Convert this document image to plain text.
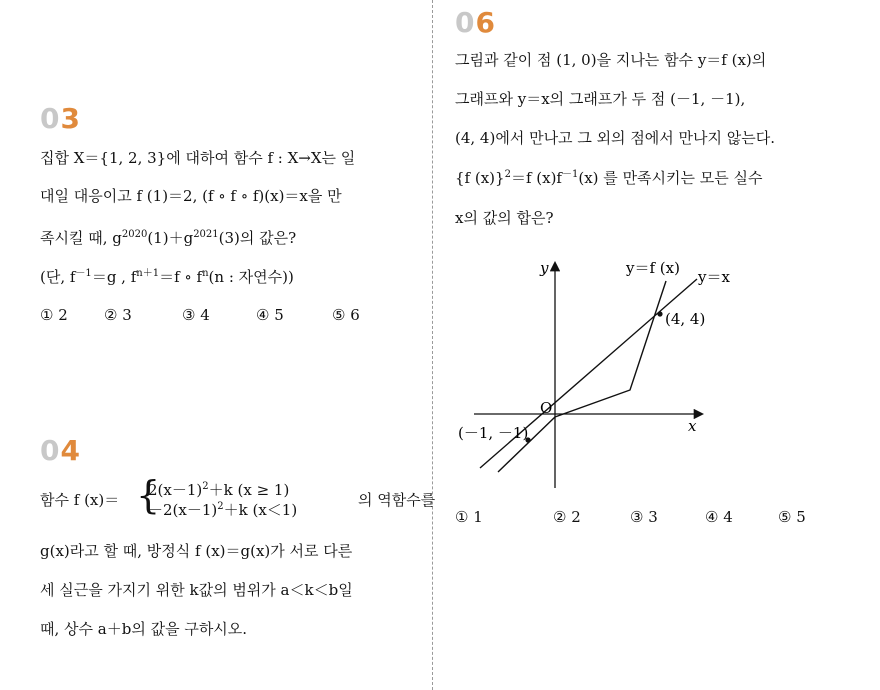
03
집합 X＝{1, 2, 3}에 대하여 함수 f : X→X는 일
대일 대응이고 f (1)＝2, (f ∘ f ∘ f)(x)＝x을 만
족시킬 때, $g^{2020}(1)+g^{2021}(3)$의 값은?
(단, $f^{-1}=g$ , $f^{n+1}=f$ ∘ $f^n(n$ : 자연수))
① 2 ② 3	③ 4	④ 5	⑤ 6
04
함수 f (x)＝ {
$2(x-1)^2+k$ (x ≥ 1)
$-2(x-1)^2+k$ (x＜1)
의 역함수를
g(x)라고 할 때, 방정식 f (x)＝g(x)가 서로 다른
세 실근을 가지기 위한 k값의 범위가 a＜k＜b일
때, 상수 a＋b의 값을 구하시오.
06
그림과 같이 점 (1, 0)을 지나는 함수 y＝f (x)의
그래프와 y＝x의 그래프가 두 점 (－1, －1),
(4, 4)에서 만나고 그 외의 점에서 만나지 않는다.
{f (x)}$^2$＝f $(x)f^{-1}(x)$ 를 만족시키는 모든 실수
x의 값의 합은?
y
x
O
y＝f (x) y＝x
(4, 4)
(－1, －1)
① 1	② 2	③ 3	④ 4	⑤ 5
